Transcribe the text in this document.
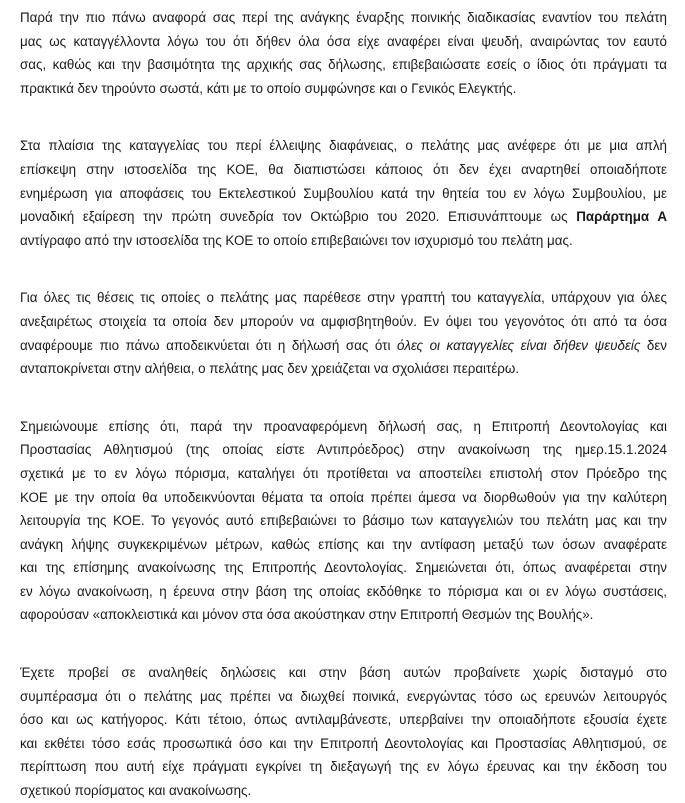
Παρά την πιο πάνω αναφορά σας περί της ανάγκης έναρξης ποινικής διαδικασίας εναντίον του πελάτη
μας ως καταγγέλλοντα λόγω του ότι δήθεν όλα όσα είχε αναφέρει είναι ψευδή, αναιρώντας τον εαυτό
σας, καθώς και την βασιμότητα της αρχικής σας δήλωσης, επιβεβαιώσατε εσείς ο ίδιος ότι πράγματι τα
πρακτικά δεν τηρούντο σωστά, κάτι με το οποίο συμφώνησε και ο Γενικός Ελεγκτής.
Στα πλαίσια της καταγγελίας του περί έλλειψης διαφάνειας, ο πελάτης μας ανέφερε ότι με μια απλή
επίσκεψη στην ιστοσελίδα της ΚΟΕ, θα διαπιστώσει κάποιος ότι δεν έχει αναρτηθεί οποιαδήποτε
ενημέρωση για αποφάσεις του Εκτελεστικού Συμβουλίου κατά την θητεία του εν λόγω Συμβουλίου, με
μοναδική εξαίρεση την πρώτη συνεδρία τον Οκτώβριο του 2020. Επισυνάπτουμε ως Παράρτημα Α
αντίγραφο από την ιστοσελίδα της ΚΟΕ το οποίο επιβεβαιώνει τον ισχυρισμό του πελάτη μας.
Για όλες τις θέσεις τις οποίες ο πελάτης μας παρέθεσε στην γραπτή του καταγγελία, υπάρχουν για όλες
ανεξαιρέτως στοιχεία τα οποία δεν μπορούν να αμφισβητηθούν. Εν όψει του γεγονότος ότι από τα όσα
αναφέρουμε πιο πάνω αποδεικνύεται ότι η δήλωσή σας ότι όλες οι καταγγελίες είναι δήθεν ψευδείς δεν
ανταποκρίνεται στην αλήθεια, ο πελάτης μας δεν χρειάζεται να σχολιάσει περαιτέρω.
Σημειώνουμε επίσης ότι, παρά την προαναφερόμενη δήλωσή σας, η Επιτροπή Δεοντολογίας και
Προστασίας Αθλητισμού (της οποίας είστε Αντιπρόεδρος) στην ανακοίνωση της ημερ.15.1.2024
σχετικά με το εν λόγω πόρισμα, καταλήγει ότι προτίθεται να αποστείλει επιστολή στον Πρόεδρο της
ΚΟΕ με την οποία θα υποδεικνύονται θέματα τα οποία πρέπει άμεσα να διορθωθούν για την καλύτερη
λειτουργία της ΚΟΕ. Το γεγονός αυτό επιβεβαιώνει το βάσιμο των καταγγελιών του πελάτη μας και την
ανάγκη λήψης συγκεκριμένων μέτρων, καθώς επίσης και την αντίφαση μεταξύ των όσων αναφέρατε
και της επίσημης ανακοίνωσης της Επιτροπής Δεοντολογίας. Σημειώνεται ότι, όπως αναφέρεται στην
εν λόγω ανακοίνωση, η έρευνα στην βάση της οποίας εκδόθηκε το πόρισμα και οι εν λόγω συστάσεις,
αφορούσαν «αποκλειστικά και μόνον στα όσα ακούστηκαν στην Επιτροπή Θεσμών της Βουλής».
Έχετε προβεί σε αναληθείς δηλώσεις και στην βάση αυτών προβαίνετε χωρίς δισταγμό στο
συμπέρασμα ότι ο πελάτης μας πρέπει να διωχθεί ποινικά, ενεργώντας τόσο ως ερευνών λειτουργός
όσο και ως κατήγορος. Κάτι τέτοιο, όπως αντιλαμβάνεστε, υπερβαίνει την οποιαδήποτε εξουσία έχετε
και εκθέτει τόσο εσάς προσωπικά όσο και την Επιτροπή Δεοντολογίας και Προστασίας Αθλητισμού, σε
περίπτωση που αυτή είχε πράγματι εγκρίνει τη διεξαγωγή της εν λόγω έρευνας και την έκδοση του
σχετικού πορίσματος και ανακοίνωσης.
